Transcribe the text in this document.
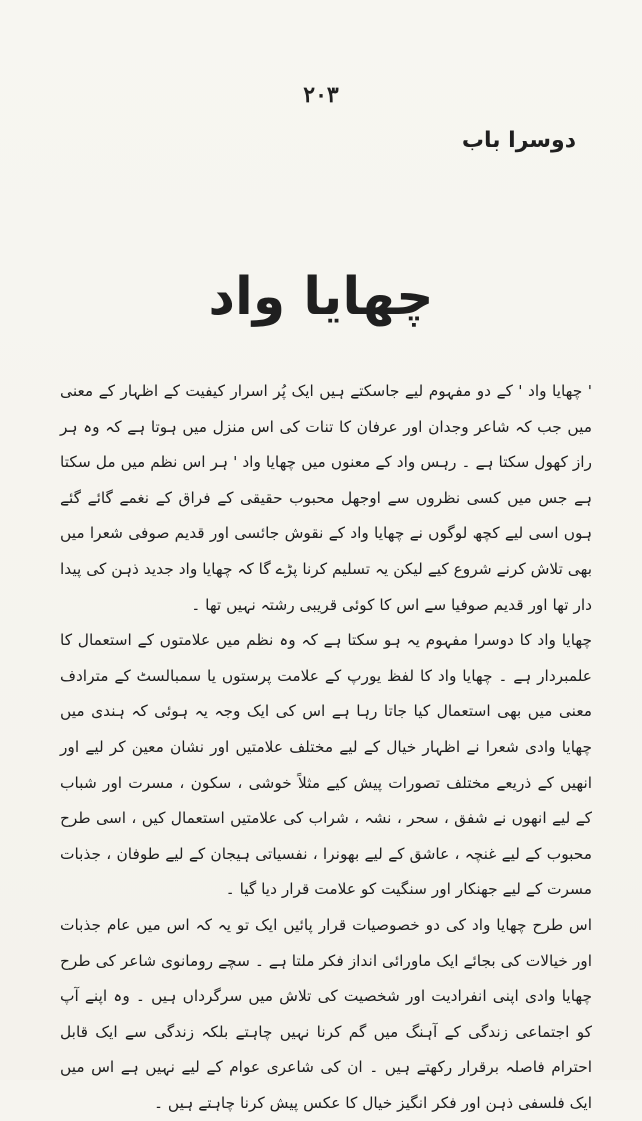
٢٠٣
دوسرا باب
چھایا واد

' چھایا واد ' کے دو مفہوم لیے جاسکتے ہیں ایک پُر اسرار کیفیت کے اظہار کے معنی میں جب کہ شاعر وجدان اور عرفان کا تنات کی اس منزل میں ہوتا ہے کہ وہ ہر راز کھول سکتا ہے ۔ رہس واد کے معنوں میں چھایا واد ' ہر اس نظم میں مل سکتا ہے جس میں کسی نظروں سے اوجھل محبوب حقیقی کے فراق کے نغمے گائے گئے ہوں اسی لیے کچھ لوگوں نے چھایا واد کے نقوش جائسی اور قدیم صوفی شعرا میں بھی تلاش کرنے شروع کیے لیکن یہ تسلیم کرنا پڑے گا کہ چھایا واد جدید ذہن کی پیدا دار تھا اور قدیم صوفیا سے اس کا کوئی قریبی رشتہ نہیں تھا ۔

چھایا واد کا دوسرا مفہوم یہ ہو سکتا ہے کہ وہ نظم میں علامتوں کے استعمال کا علمبردار ہے ۔ چھایا واد کا لفظ یورپ کے علامت پرستوں یا سمبالسٹ کے مترادف معنی میں بھی استعمال کیا جاتا رہا ہے اس کی ایک وجہ یہ ہوئی کہ ہندی میں چھایا وادی شعرا نے اظہار خیال کے لیے مختلف علامتیں اور نشان معین کر لیے اور انھیں کے ذریعے مختلف تصورات پیش کیے مثلاً خوشی ، سکون ، مسرت اور شباب کے لیے انھوں نے شفق ، سحر ، نشہ ، شراب کی علامتیں استعمال کیں ، اسی طرح محبوب کے لیے غنچہ ، عاشق کے لیے بھونرا ، نفسیاتی ہیجان کے لیے طوفان ، جذبات مسرت کے لیے جھنکار اور سنگیت کو علامت قرار دیا گیا ۔

اس طرح چھایا واد کی دو خصوصیات قرار پائیں ایک تو یہ کہ اس میں عام جذبات اور خیالات کی بجائے ایک ماورائی انداز فکر ملتا ہے ۔ سچے رومانوی شاعر کی طرح چھایا وادی اپنی انفرادیت اور شخصیت کی تلاش میں سرگرداں ہیں ۔ وہ اپنے آپ کو اجتماعی زندگی کے آہنگ میں گم کرنا نہیں چاہتے بلکہ زندگی سے ایک قابل احترام فاصلہ برقرار رکھتے ہیں ۔ ان کی شاعری عوام کے لیے نہیں ہے اس میں ایک فلسفی ذہن اور فکر انگیز خیال کا عکس پیش کرنا چاہتے ہیں ۔
